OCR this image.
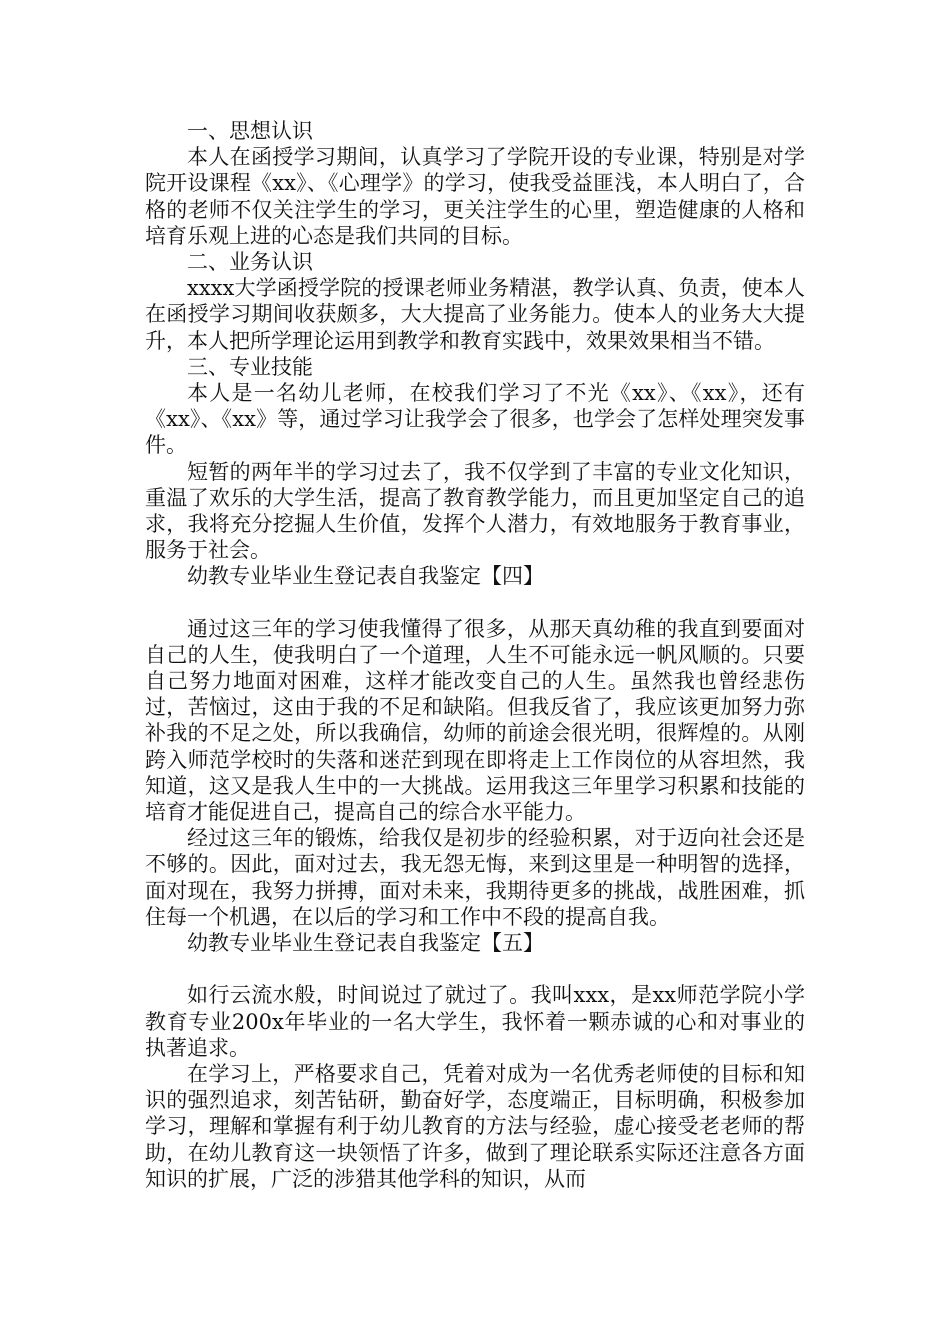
一、思想认识

本人在函授学习期间，认真学习了学院开设的专业课，特别是对学院开设课程《xx》、《心理学》的学习，使我受益匪浅，本人明白了，合格的老师不仅关注学生的学习，更关注学生的心里，塑造健康的人格和培育乐观上进的心态是我们共同的目标。

二、业务认识

xxxx大学函授学院的授课老师业务精湛，教学认真、负责，使本人在函授学习期间收获颇多，大大提高了业务能力。使本人的业务大大提升，本人把所学理论运用到教学和教育实践中，效果效果相当不错。

三、专业技能

本人是一名幼儿老师，在校我们学习了不光《xx》、《xx》，还有《xx》、《xx》等，通过学习让我学会了很多，也学会了怎样处理突发事件。

短暂的两年半的学习过去了，我不仅学到了丰富的专业文化知识，重温了欢乐的大学生活，提高了教育教学能力，而且更加坚定自己的追求，我将充分挖掘人生价值，发挥个人潜力，有效地服务于教育事业，服务于社会。

幼教专业毕业生登记表自我鉴定【四】

通过这三年的学习使我懂得了很多，从那天真幼稚的我直到要面对自己的人生，使我明白了一个道理，人生不可能永远一帆风顺的。只要自己努力地面对困难，这样才能改变自己的人生。虽然我也曾经悲伤过，苦恼过，这由于我的不足和缺陷。但我反省了，我应该更加努力弥补我的不足之处，所以我确信，幼师的前途会很光明，很辉煌的。从刚跨入师范学校时的失落和迷茫到现在即将走上工作岗位的从容坦然，我知道，这又是我人生中的一大挑战。运用我这三年里学习积累和技能的培育才能促进自己，提高自己的综合水平能力。

经过这三年的锻炼，给我仅是初步的经验积累，对于迈向社会还是不够的。因此，面对过去，我无怨无悔，来到这里是一种明智的选择，面对现在，我努力拼搏，面对未来，我期待更多的挑战，战胜困难，抓住每一个机遇，在以后的学习和工作中不段的提高自我。

幼教专业毕业生登记表自我鉴定【五】

如行云流水般，时间说过了就过了。我叫xxx，是xx师范学院小学教育专业200x年毕业的一名大学生，我怀着一颗赤诚的心和对事业的执著追求。

在学习上，严格要求自己，凭着对成为一名优秀老师使的目标和知识的强烈追求，刻苦钻研，勤奋好学，态度端正，目标明确，积极参加学习，理解和掌握有利于幼儿教育的方法与经验，虚心接受老老师的帮助，在幼儿教育这一块领悟了许多，做到了理论联系实际还注意各方面知识的扩展，广泛的涉猎其他学科的知识，从而
